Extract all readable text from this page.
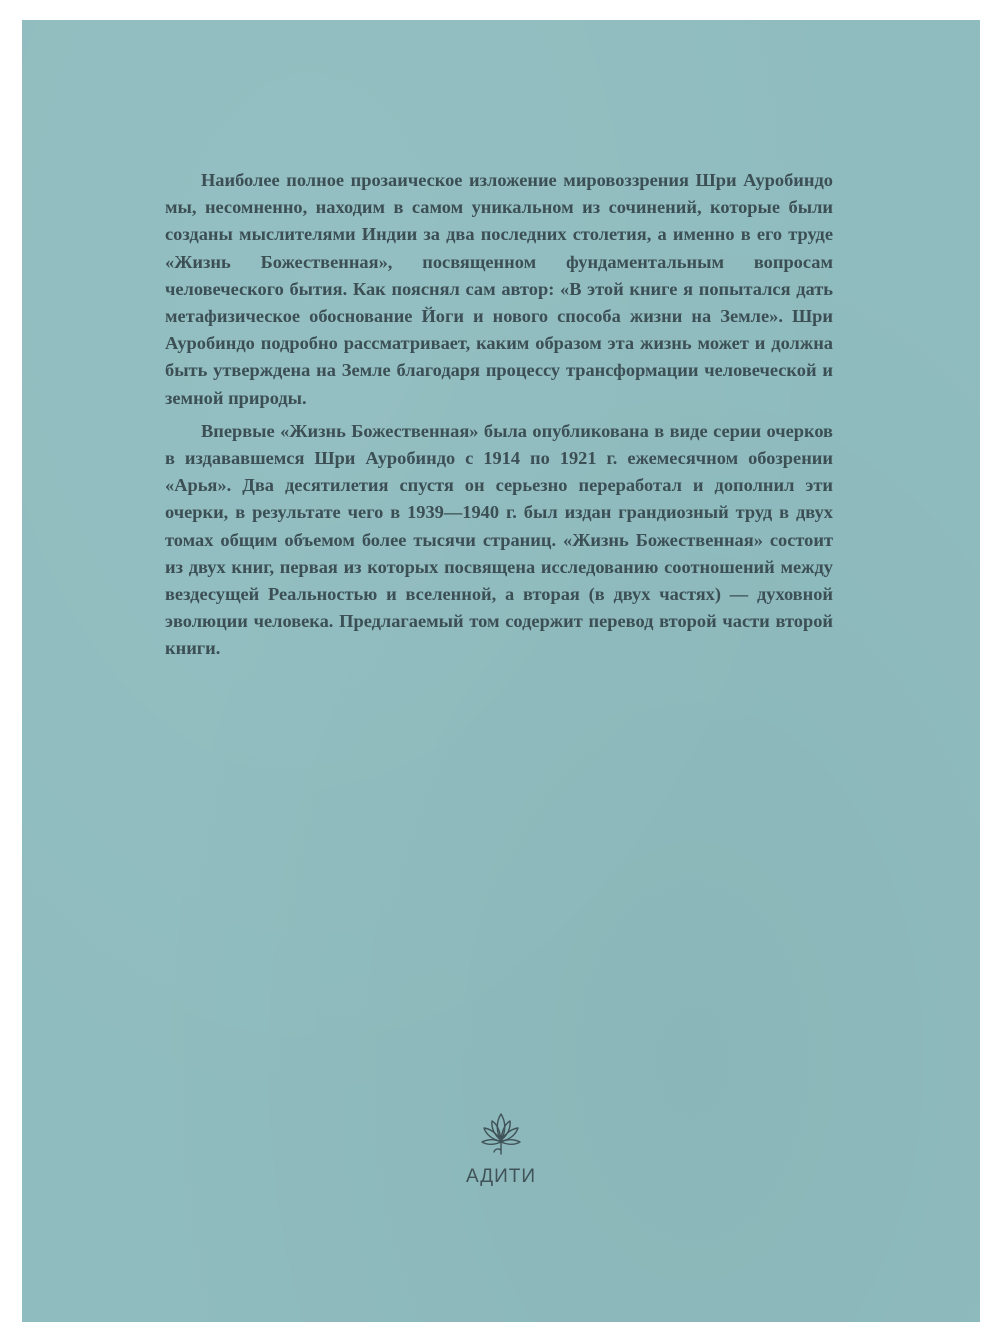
Наиболее полное прозаическое изложение мировоззрения Шри Ауробиндо мы, несомненно, находим в самом уникальном из сочинений, которые были созданы мыслителями Индии за два последних столетия, а именно в его труде «Жизнь Божественная», посвященном фундаментальным вопросам человеческого бытия. Как пояснял сам автор: «В этой книге я попытался дать метафизическое обоснование Йоги и нового способа жизни на Земле». Шри Ауробиндо подробно рассматривает, каким образом эта жизнь может и должна быть утверждена на Земле благодаря процессу трансформации человеческой и земной природы.

Впервые «Жизнь Божественная» была опубликована в виде серии очерков в издававшемся Шри Ауробиндо с 1914 по 1921 г. ежемесячном обозрении «Арья». Два десятилетия спустя он серьезно переработал и дополнил эти очерки, в результате чего в 1939—1940 г. был издан грандиозный труд в двух томах общим объемом более тысячи страниц. «Жизнь Божественная» состоит из двух книг, первая из которых посвящена исследованию соотношений между вездесущей Реальностью и вселенной, а вторая (в двух частях) — духовной эволюции человека. Предлагаемый том содержит перевод второй части второй книги.

АДИТИ
